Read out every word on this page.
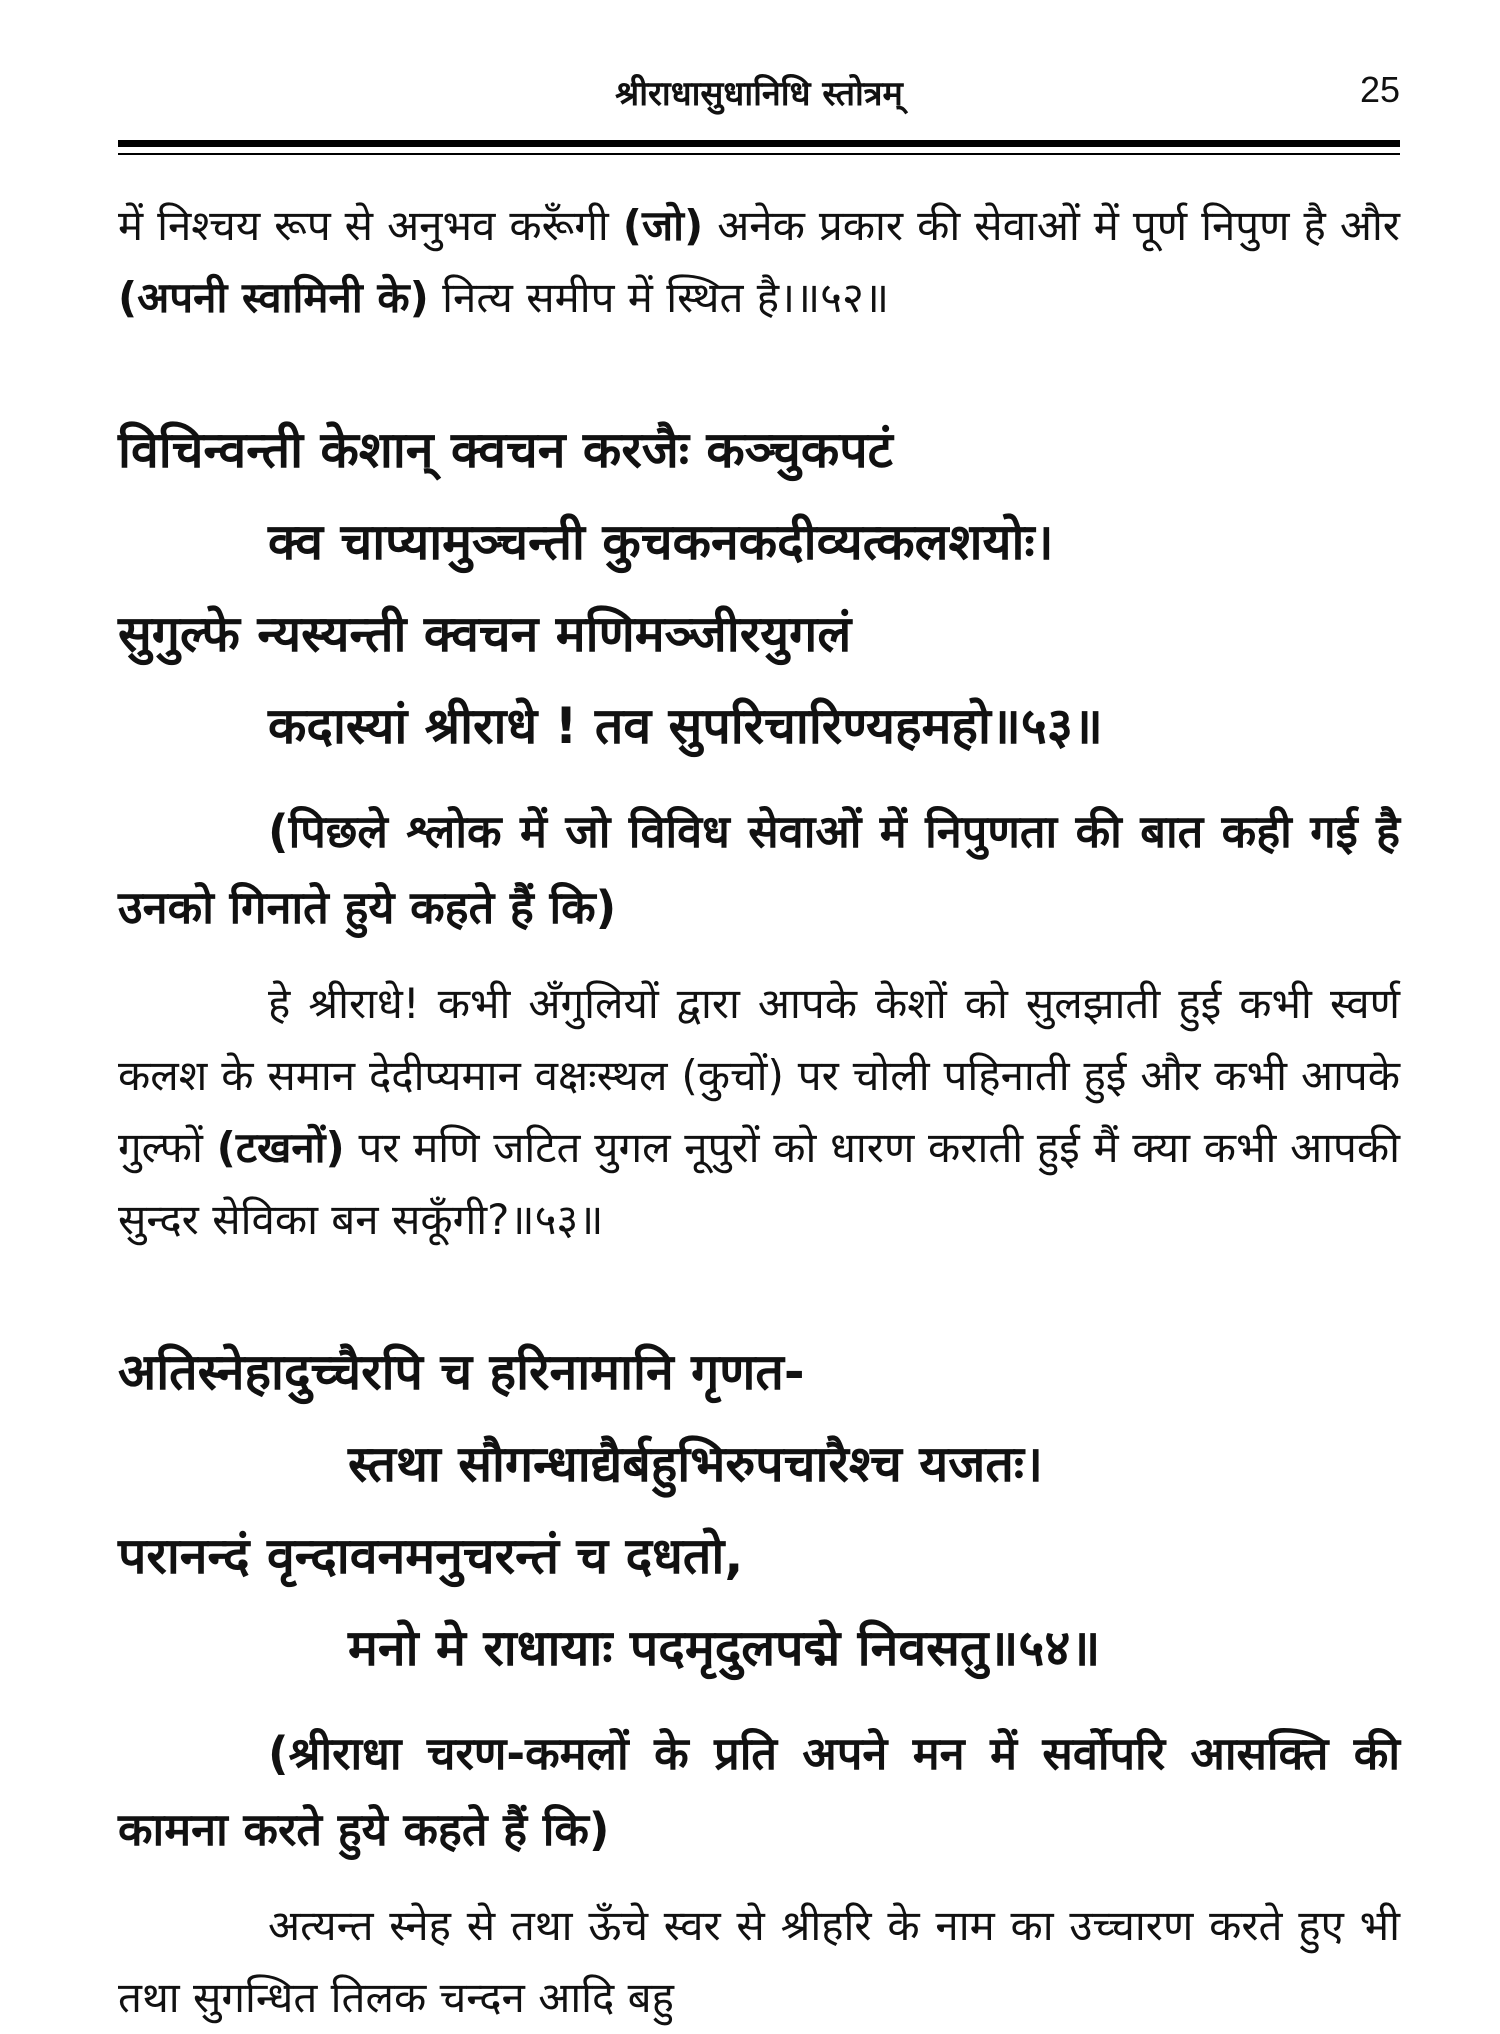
श्रीराधासुधानिधि स्तोत्रम्	25

में निश्चय रूप से अनुभव करूँगी (जो) अनेक प्रकार की सेवाओं में पूर्ण निपुण है और (अपनी स्वामिनी के) नित्य समीप में स्थित है।॥५२॥

विचिन्वन्ती केशान् क्वचन करजैः कञ्चुकपटं
क्व चाप्यामुञ्चन्ती कुचकनकदीव्यत्कलशयोः।
सुगुल्फे न्यस्यन्ती क्वचन मणिमञ्जीरयुगलं
कदास्यां श्रीराधे ! तव सुपरिचारिण्यहमहो॥५३॥

(पिछले श्लोक में जो विविध सेवाओं में निपुणता की बात कही गई है उनको गिनाते हुये कहते हैं कि)

हे श्रीराधे! कभी अँगुलियों द्वारा आपके केशों को सुलझाती हुई कभी स्वर्ण कलश के समान देदीप्यमान वक्षःस्थल (कुचों) पर चोली पहिनाती हुई और कभी आपके गुल्फों (टखनों) पर मणि जटित युगल नूपुरों को धारण कराती हुई मैं क्या कभी आपकी सुन्दर सेविका बन सकूँगी?॥५३॥

अतिस्नेहादुच्चैरपि च हरिनामानि गृणत-
स्तथा सौगन्धाद्यैर्बहुभिरुपचारैश्च यजतः।
परानन्दं वृन्दावनमनुचरन्तं च दधतो,
मनो मे राधायाः पदमृदुलपद्मे निवसतु॥५४॥

(श्रीराधा चरण-कमलों के प्रति अपने मन में सर्वोपरि आसक्ति की कामना करते हुये कहते हैं कि)

अत्यन्त स्नेह से तथा ऊँचे स्वर से श्रीहरि के नाम का उच्चारण करते हुए भी तथा सुगन्धित तिलक चन्दन आदि बहु
